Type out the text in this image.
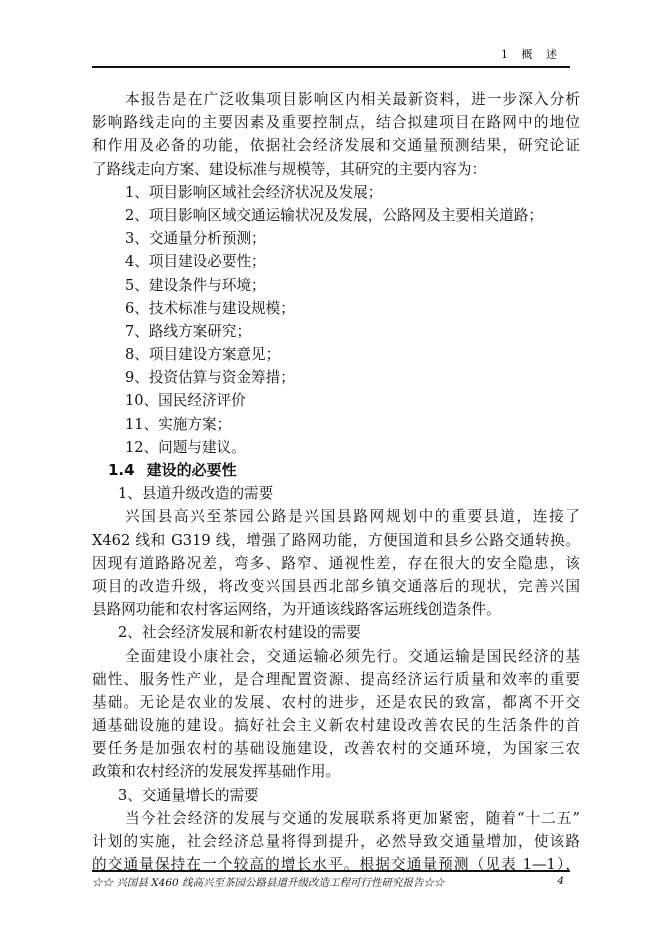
1 概 述
本报告是在广泛收集项目影响区内相关最新资料，进一步深入分析
影响路线走向的主要因素及重要控制点，结合拟建项目在路网中的地位
和作用及必备的功能，依据社会经济发展和交通量预测结果，研究论证
了路线走向方案、建设标准与规模等，其研究的主要内容为：
1、项目影响区域社会经济状况及发展；
2、项目影响区域交通运输状况及发展，公路网及主要相关道路；
3、交通量分析预测；
4、项目建设必要性；
5、建设条件与环境；
6、技术标准与建设规模；
7、路线方案研究；
8、项目建设方案意见；
9、投资估算与资金筹措；
10、国民经济评价
11、实施方案；
12、问题与建议。
1.4 建设的必要性
1、县道升级改造的需要
兴国县高兴至茶园公路是兴国县路网规划中的重要县道，连接了
X462 线和 G319 线，增强了路网功能，方便国道和县乡公路交通转换。
因现有道路路况差，弯多、路窄、通视性差，存在很大的安全隐患，该
项目的改造升级，将改变兴国县西北部乡镇交通落后的现状，完善兴国
县路网功能和农村客运网络，为开通该线路客运班线创造条件。
2、社会经济发展和新农村建设的需要
全面建设小康社会，交通运输必须先行。交通运输是国民经济的基
础性、服务性产业，是合理配置资源、提高经济运行质量和效率的重要
基础。无论是农业的发展、农村的进步，还是农民的致富，都离不开交
通基础设施的建设。搞好社会主义新农村建设改善农民的生活条件的首
要任务是加强农村的基础设施建设，改善农村的交通环境，为国家三农
政策和农村经济的发展发挥基础作用。
3、交通量增长的需要
当今社会经济的发展与交通的发展联系将更加紧密，随着“十二五”
计划的实施，社会经济总量将得到提升，必然导致交通量增加，使该路
的交通量保持在一个较高的增长水平。根据交通量预测（见表 1—1），
☆☆ 兴国县 X460 线高兴至茶园公路县道升级改造工程可行性研究报告☆☆	4
